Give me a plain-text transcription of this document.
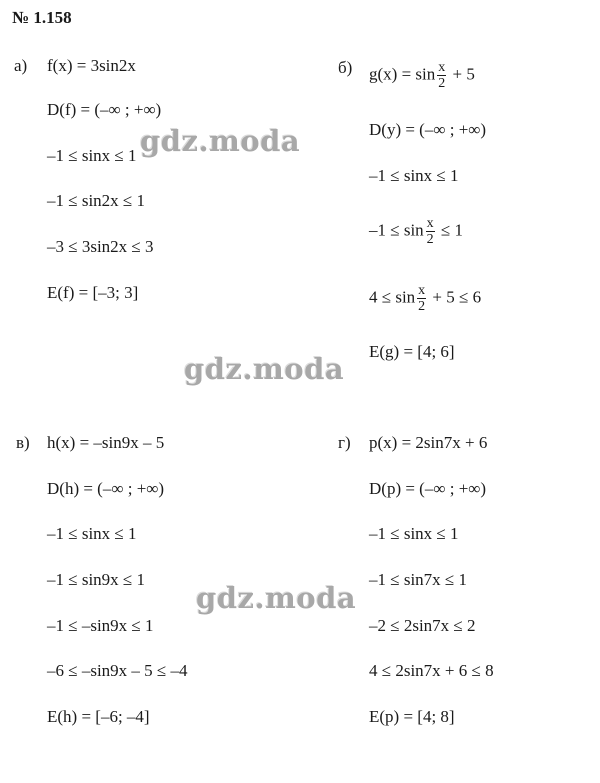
№ 1.158
а) f(x) = 3sin2x
D(f) = (–∞ ; +∞)
–1 ≤ sinx ≤ 1
–1 ≤ sin2x ≤ 1
–3 ≤ 3sin2x ≤ 3
E(f) = [–3; 3]
б) $g(x) = \sin \frac{x}{2} + 5$
D(y) = (–∞ ; +∞)
–1 ≤ sinx ≤ 1
$-1 \le \sin \frac{x}{2} \le 1$
$4 \le \sin \frac{x}{2} + 5 \le 6$
E(g) = [4; 6]
в) h(x) = –sin9x – 5
D(h) = (–∞ ; +∞)
–1 ≤ sinx ≤ 1
–1 ≤ sin9x ≤ 1
–1 ≤ –sin9x ≤ 1
–6 ≤ –sin9x – 5 ≤ –4
E(h) = [–6; –4]
г) p(x) = 2sin7x + 6
D(p) = (–∞ ; +∞)
–1 ≤ sinx ≤ 1
–1 ≤ sin7x ≤ 1
–2 ≤ 2sin7x ≤ 2
4 ≤ 2sin7x + 6 ≤ 8
E(p) = [4; 8]
gdz.moda
gdz.moda
gdz.moda
